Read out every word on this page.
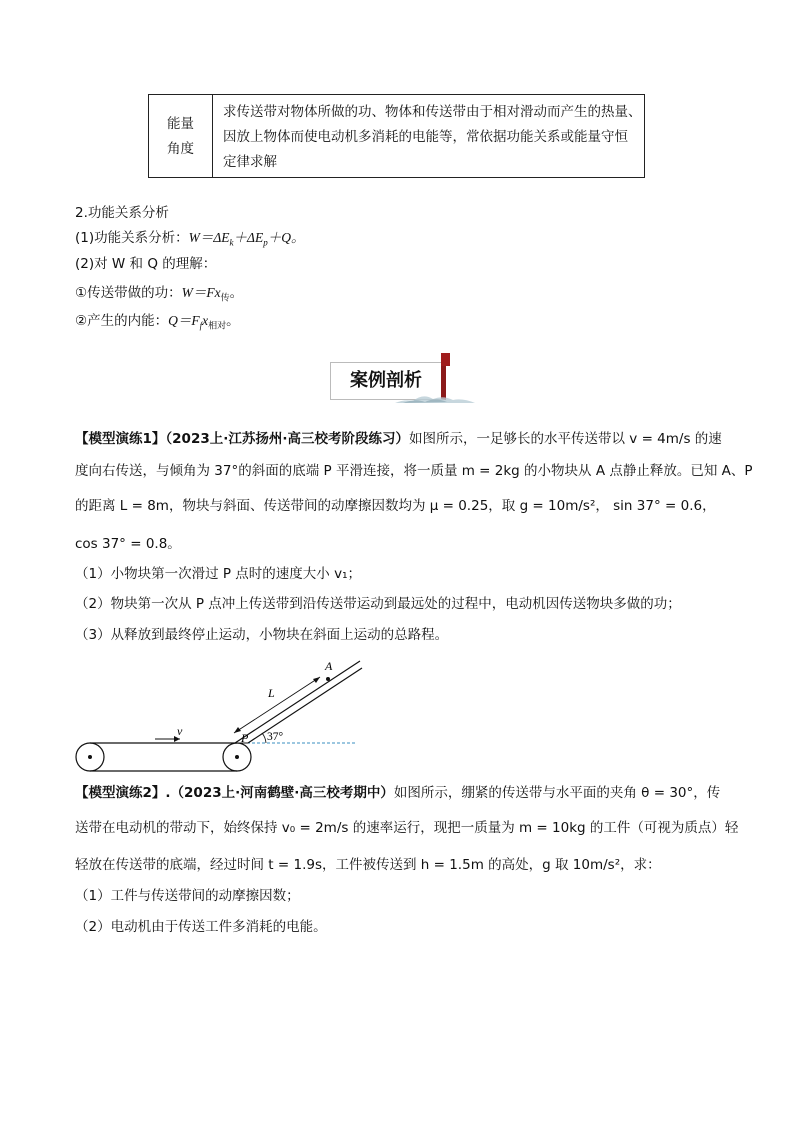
能量
角度
求传送带对物体所做的功、物体和传送带由于相对滑动而产生的热量、
因放上物体而使电动机多消耗的电能等，常依据功能关系或能量守恒
定律求解
2.功能关系分析
(1)功能关系分析：$W=\Delta E_k+\Delta E_p+Q$。
(2)对 W 和 Q 的理解：
①传送带做的功：$W=Fx_传$。
②产生的内能：$Q=F_fx_{相对}$。
案例剖析
【模型演练1】（2023上·江苏扬州·高三校考阶段练习）如图所示，一足够长的水平传送带以 v = 4m/s 的速
度向右传送，与倾角为 37°的斜面的底端 P 平滑连接，将一质量 m = 2kg 的小物块从 A 点静止释放。已知 A、P
的距离 L = 8m，物块与斜面、传送带间的动摩擦因数均为 μ = 0.25，取 g = 10m/s²， sin 37° = 0.6，
cos 37° = 0.8。
（1）小物块第一次滑过 P 点时的速度大小 v₁；
（2）物块第一次从 P 点冲上传送带到沿传送带运动到最远处的过程中，电动机因传送物块多做的功；
（3）从释放到最终停止运动，小物块在斜面上运动的总路程。
v
L
A
P 37°
【模型演练2】.（2023上·河南鹤壁·高三校考期中）如图所示，绷紧的传送带与水平面的夹角 θ = 30°，传
送带在电动机的带动下，始终保持 v₀ = 2m/s 的速率运行，现把一质量为 m = 10kg 的工件（可视为质点）轻
轻放在传送带的底端，经过时间 t = 1.9s，工件被传送到 h = 1.5m 的高处，g 取 10m/s²，求：
（1）工件与传送带间的动摩擦因数；
（2）电动机由于传送工件多消耗的电能。
